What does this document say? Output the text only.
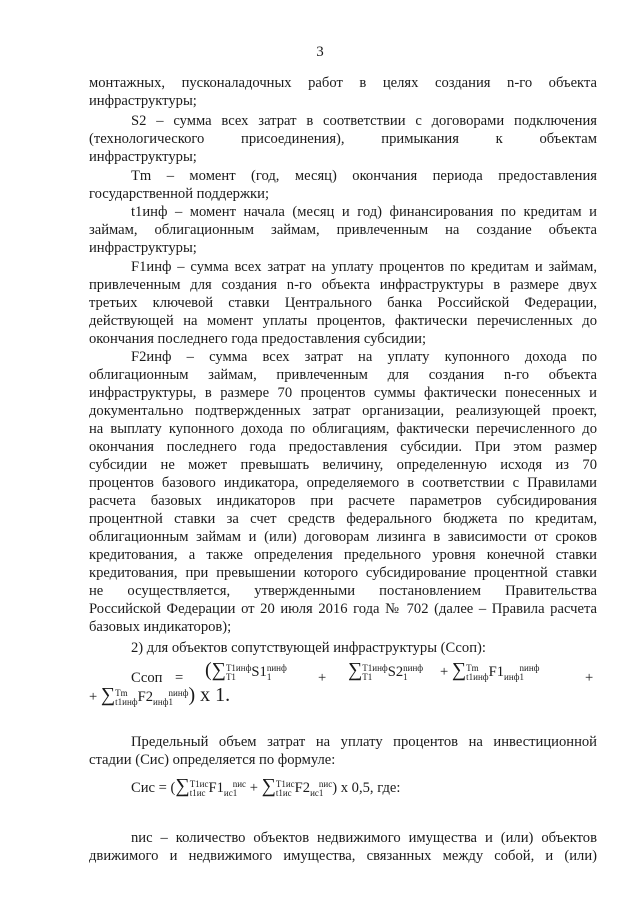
3
монтажных, пусконаладочных работ в целях создания n-го объекта
инфраструктуры;
S2 – сумма всех затрат в соответствии с договорами подключения
(технологического присоединения), примыкания к объектам
инфраструктуры;
Tm – момент (год, месяц) окончания периода предоставления
государственной поддержки;
t1инф – момент начала (месяц и год) финансирования по кредитам и
займам, облигационным займам, привлеченным на создание объекта
инфраструктуры;
F1инф – сумма всех затрат на уплату процентов по кредитам и займам,
привлеченным для создания n-го объекта инфраструктуры в размере двух
третьих ключевой ставки Центрального банка Российской Федерации,
действующей на момент уплаты процентов, фактически перечисленных до
окончания последнего года предоставления субсидии;
F2инф – сумма всех затрат на уплату купонного дохода по
облигационным займам, привлеченным для создания n-го объекта
инфраструктуры, в размере 70 процентов суммы фактически понесенных и
документально подтвержденных затрат организации, реализующей проект,
на выплату купонного дохода по облигациям, фактически перечисленного до
окончания последнего года предоставления субсидии. При этом размер
субсидии не может превышать величину, определенную исходя из 70
процентов базового индикатора, определяемого в соответствии с Правилами
расчета базовых индикаторов при расчете параметров субсидирования
процентной ставки за счет средств федерального бюджета по кредитам,
облигационным займам и (или) договорам лизинга в зависимости от сроков
кредитования, а также определения предельного уровня конечной ставки
кредитования, при превышении которого субсидирование процентной ставки
не осуществляется, утвержденными постановлением Правительства
Российской Федерации от 20 июля 2016 года № 702 (далее – Правила расчета
базовых индикаторов);
2) для объектов сопутствующей инфраструктуры (Ссоп):
Ссоп = (∑Т1инф
Т1 S1nинф
1	+ ∑Т1инф
Т1 S2nинф
1	+ ∑Тm
$t1инфF1_{инф}nинф$
1	+
+ ∑Тm
$t1инфF2_{инф}nинф$
1 ) х 1.
Предельный объем затрат на уплату процентов на инвестиционной
стадии (Сис) определяется по формуле:
Сис = (∑Т1ис
t1ис $F1_{ис}nис$
1 + ∑Т1ис
t1ис $F2_{ис}nис$
1 ) х 0,5, где:
nис – количество объектов недвижимого имущества и (или) объектов
движимого и недвижимого имущества, связанных между собой, и (или)
